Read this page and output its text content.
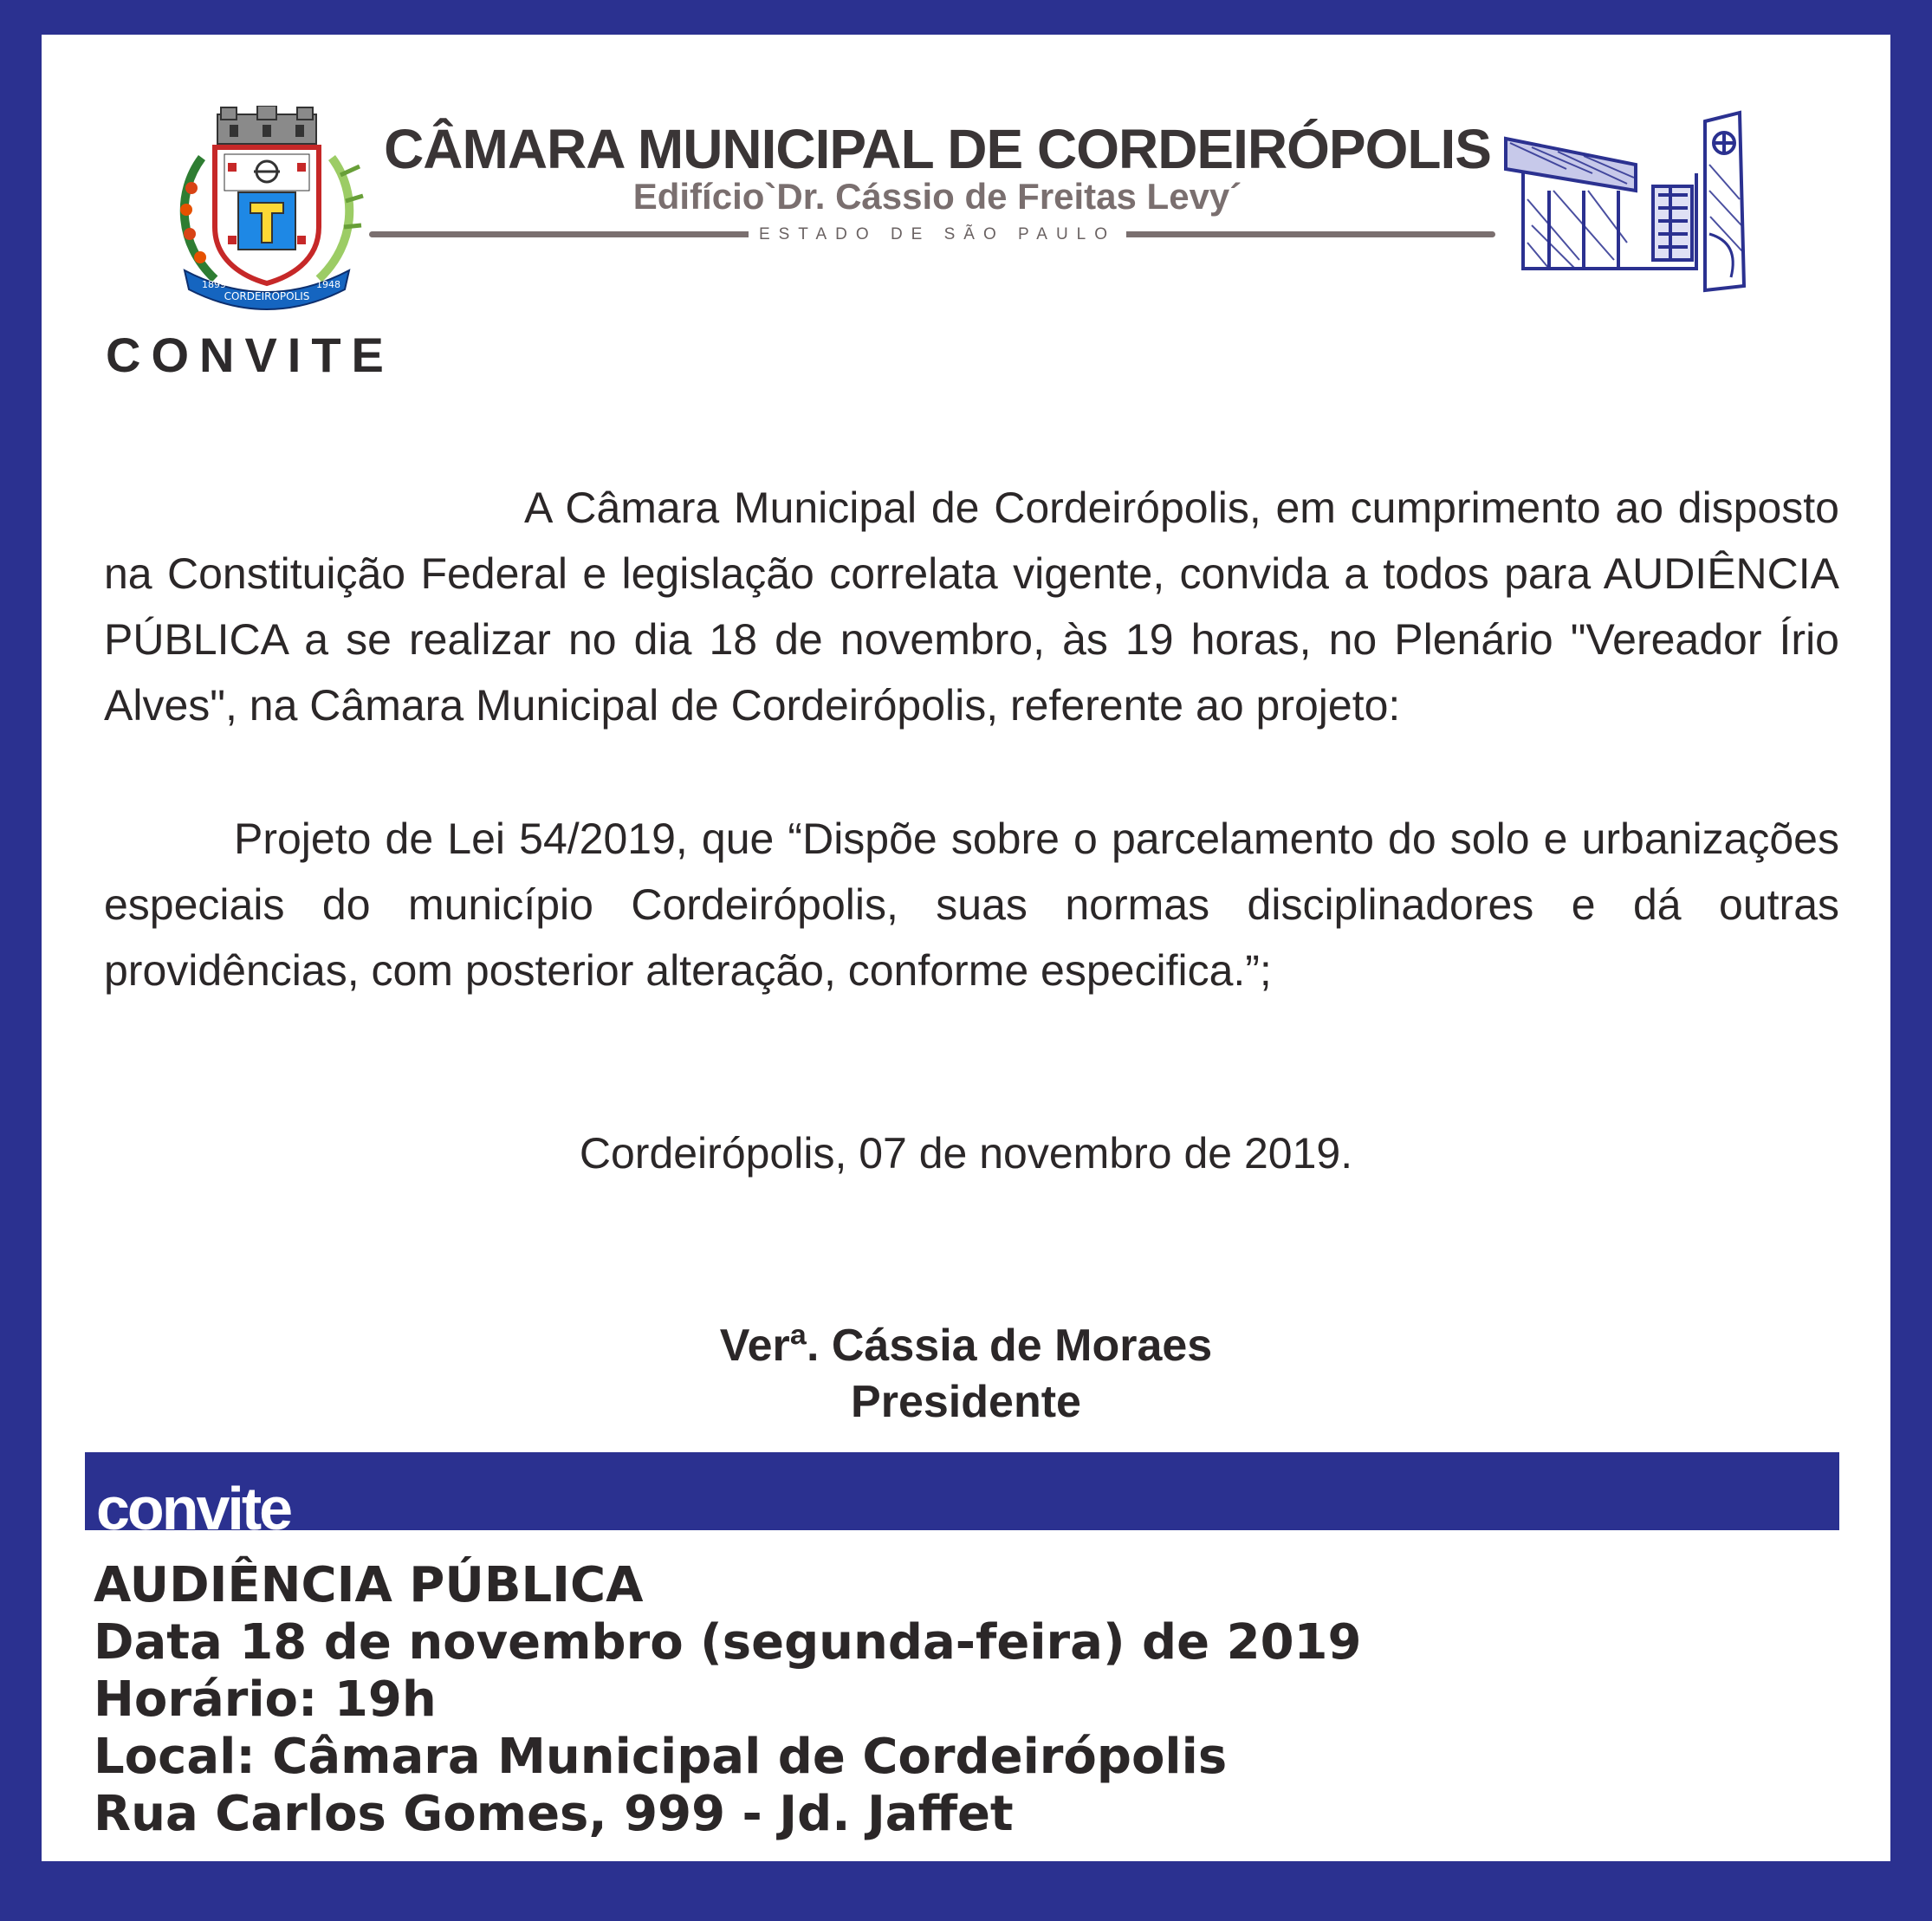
1899	1948
CORDEIRÓPOLIS
CÂMARA MUNICIPAL DE CORDEIRÓPOLIS
Edifício`Dr. Cássio de Freitas Levy´
ESTADO DE SÃO PAULO
CONVITE

A Câmara Municipal de Cordeirópolis, em cumprimento ao disposto na Constituição Federal e legislação correlata vigente, convida a todos para AUDIÊNCIA PÚBLICA a se realizar no dia 18 de novembro, às 19 horas, no Plenário "Vereador Írio Alves", na Câmara Municipal de Cordeirópolis, referente ao projeto:

Projeto de Lei 54/2019, que “Dispõe sobre o parcelamento do solo e urbanizações especiais do município Cordeirópolis, suas normas disciplinadores e dá outras providências, com posterior alteração, conforme especifica.”;

Cordeirópolis, 07 de novembro de 2019.
Verª. Cássia de Moraes
Presidente
convite
AUDIÊNCIA PÚBLICA
Data 18 de novembro (segunda-feira) de 2019
Horário: 19h
Local: Câmara Municipal de Cordeirópolis
Rua Carlos Gomes, 999 - Jd. Jaffet
